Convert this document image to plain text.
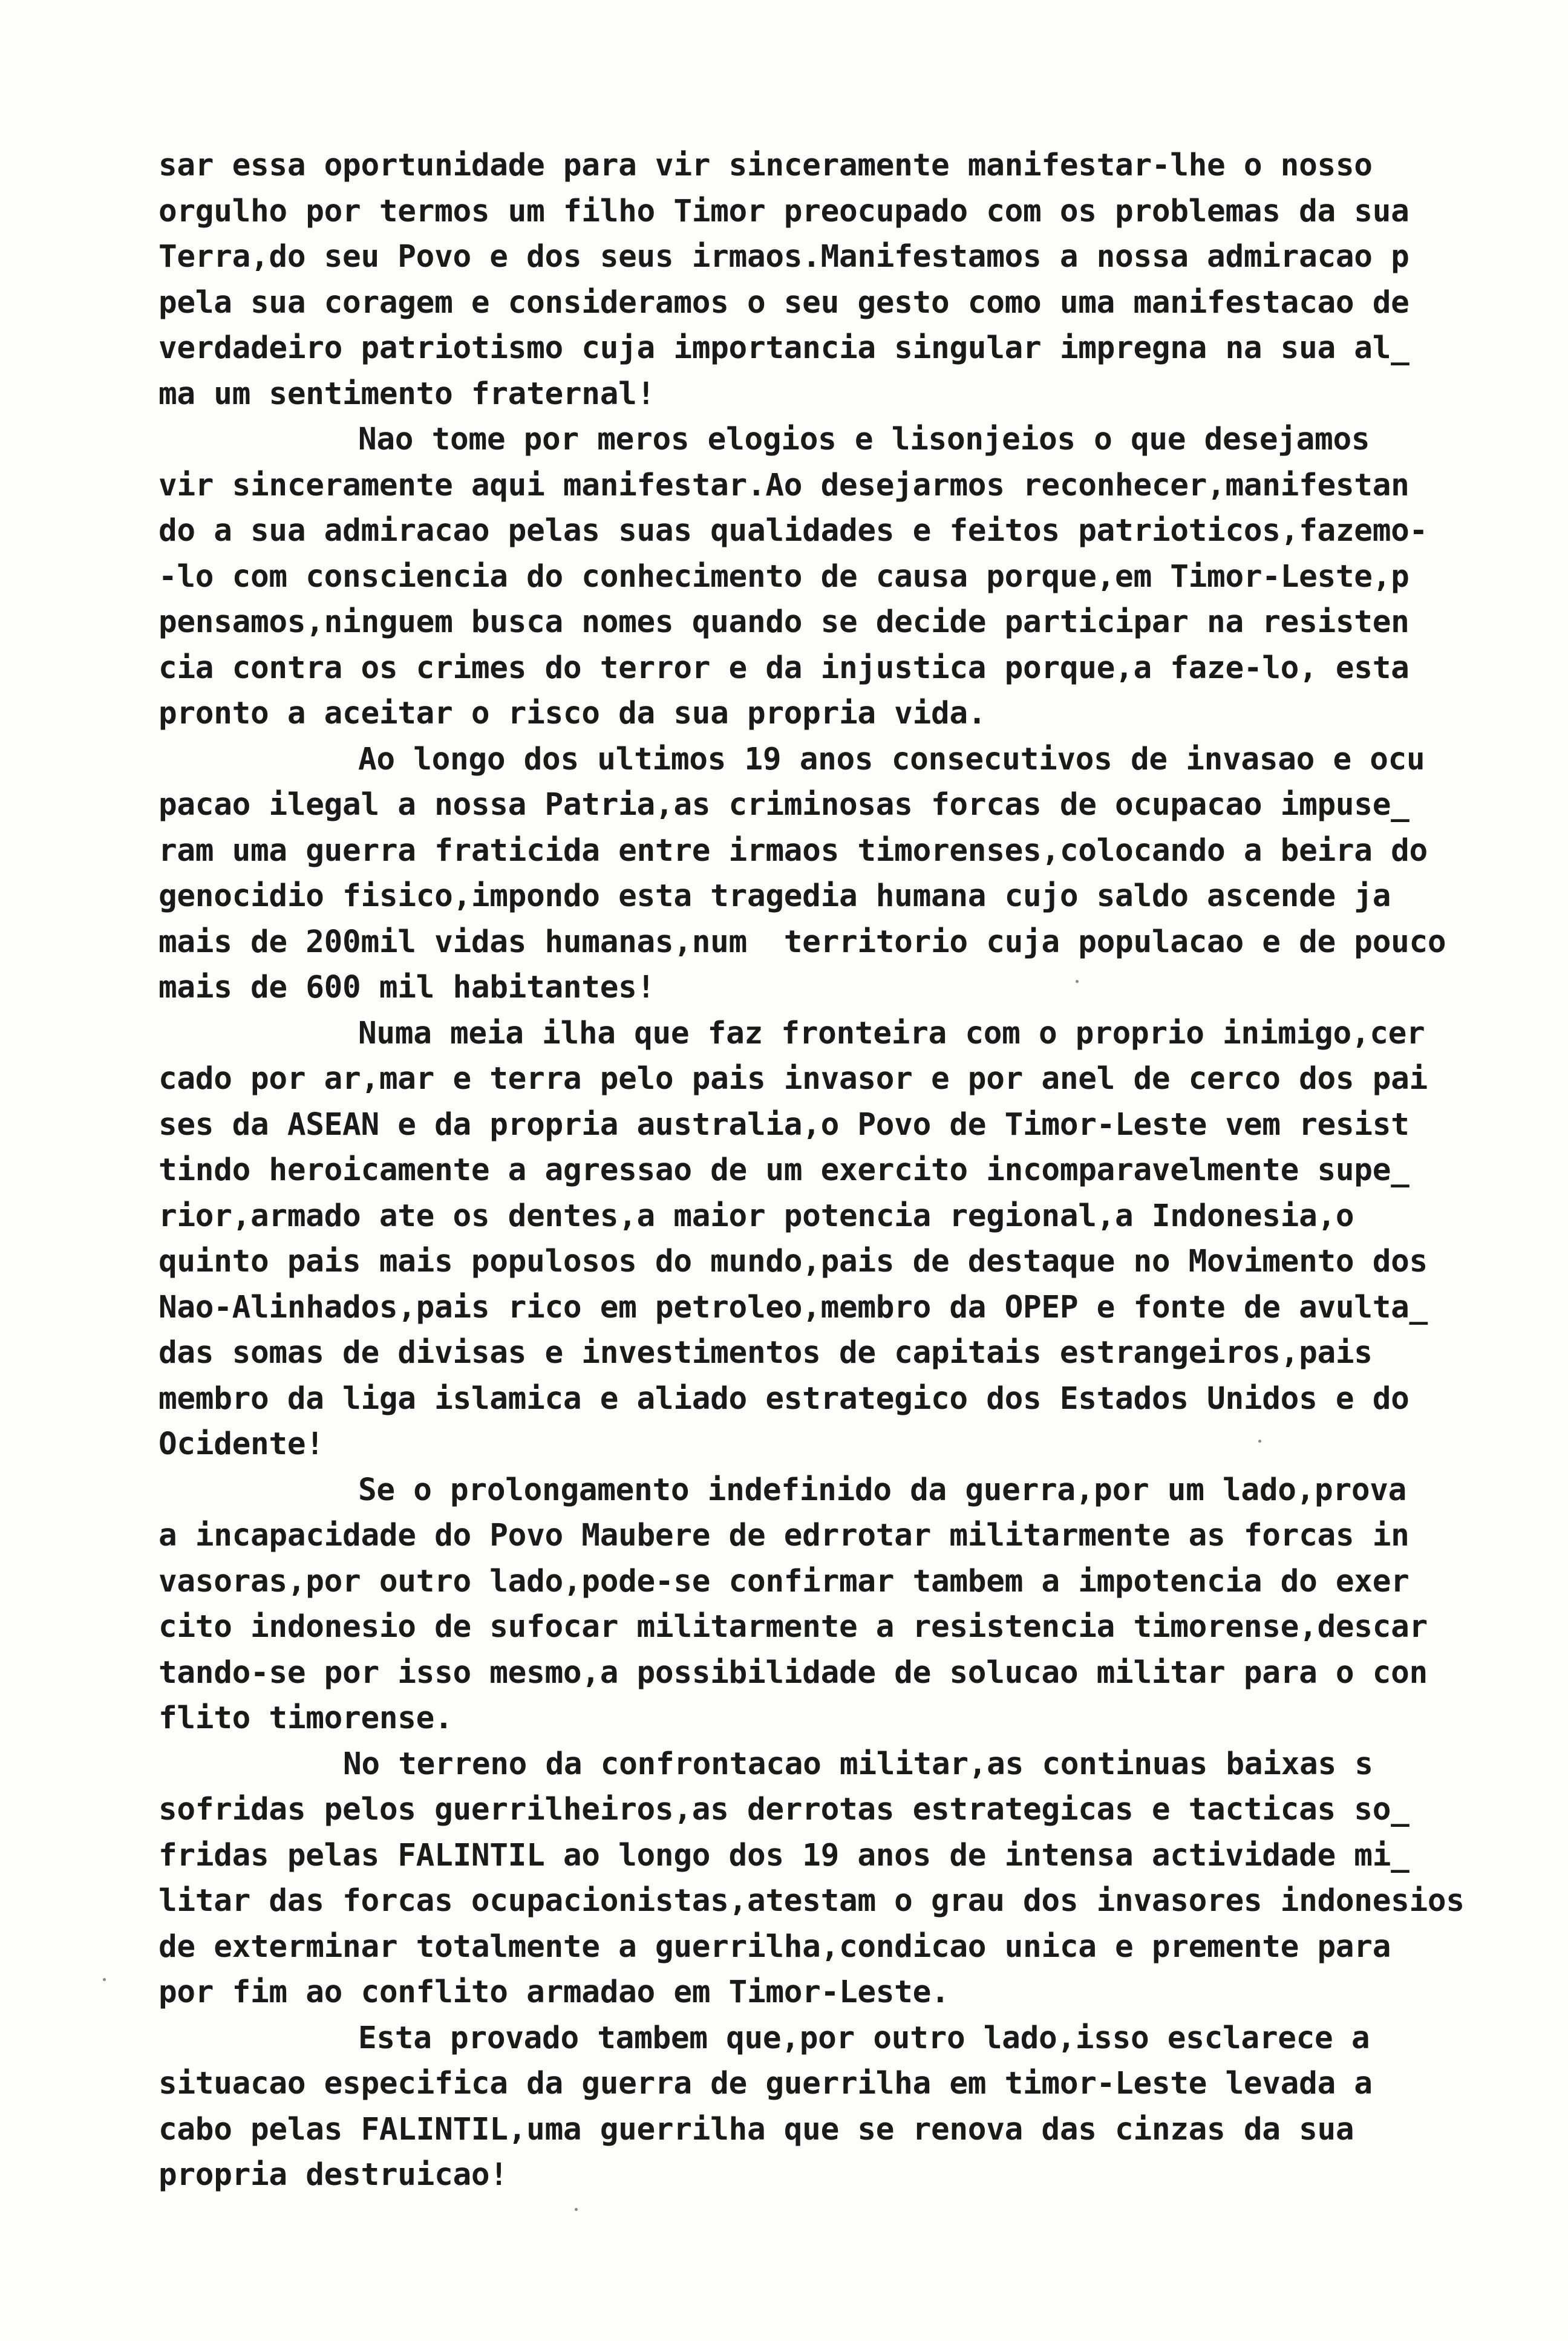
sar essa oportunidade para vir sinceramente manifestar-lhe o nosso
orgulho por termos um filho Timor preocupado com os problemas da sua
Terra,do seu Povo e dos seus irmaos.Manifestamos a nossa admiracao p
pela sua coragem e consideramos o seu gesto como uma manifestacao de
verdadeiro patriotismo cuja importancia singular impregna na sua al_
ma um sentimento fraternal!
Nao tome por meros elogios e lisonjeios o que desejamos
vir sinceramente aqui manifestar.Ao desejarmos reconhecer,manifestan
do a sua admiracao pelas suas qualidades e feitos patrioticos,fazemo-
-lo com consciencia do conhecimento de causa porque,em Timor-Leste,p
pensamos,ninguem busca nomes quando se decide participar na resisten
cia contra os crimes do terror e da injustica porque,a faze-lo, esta
pronto a aceitar o risco da sua propria vida.
Ao longo dos ultimos 19 anos consecutivos de invasao e ocu
pacao ilegal a nossa Patria,as criminosas forcas de ocupacao impuse_
ram uma guerra fraticida entre irmaos timorenses,colocando a beira do
genocidio fisico,impondo esta tragedia humana cujo saldo ascende ja
mais de 200mil vidas humanas,num  territorio cuja populacao e de pouco
mais de 600 mil habitantes!
Numa meia ilha que faz fronteira com o proprio inimigo,cer
cado por ar,mar e terra pelo pais invasor e por anel de cerco dos pai
ses da ASEAN e da propria australia,o Povo de Timor-Leste vem resist
tindo heroicamente a agressao de um exercito incomparavelmente supe_
rior,armado ate os dentes,a maior potencia regional,a Indonesia,o
quinto pais mais populosos do mundo,pais de destaque no Movimento dos
Nao-Alinhados,pais rico em petroleo,membro da OPEP e fonte de avulta_
das somas de divisas e investimentos de capitais estrangeiros,pais
membro da liga islamica e aliado estrategico dos Estados Unidos e do
Ocidente!
Se o prolongamento indefinido da guerra,por um lado,prova
a incapacidade do Povo Maubere de edrrotar militarmente as forcas in
vasoras,por outro lado,pode-se confirmar tambem a impotencia do exer
cito indonesio de sufocar militarmente a resistencia timorense,descar
tando-se por isso mesmo,a possibilidade de solucao militar para o con
flito timorense.
No terreno da confrontacao militar,as continuas baixas s
sofridas pelos guerrilheiros,as derrotas estrategicas e tacticas so_
fridas pelas FALINTIL ao longo dos 19 anos de intensa actividade mi_
litar das forcas ocupacionistas,atestam o grau dos invasores indonesios
de exterminar totalmente a guerrilha,condicao unica e premente para
por fim ao conflito armadao em Timor-Leste.
Esta provado tambem que,por outro lado,isso esclarece a
situacao especifica da guerra de guerrilha em timor-Leste levada a
cabo pelas FALINTIL,uma guerrilha que se renova das cinzas da sua
propria destruicao!
